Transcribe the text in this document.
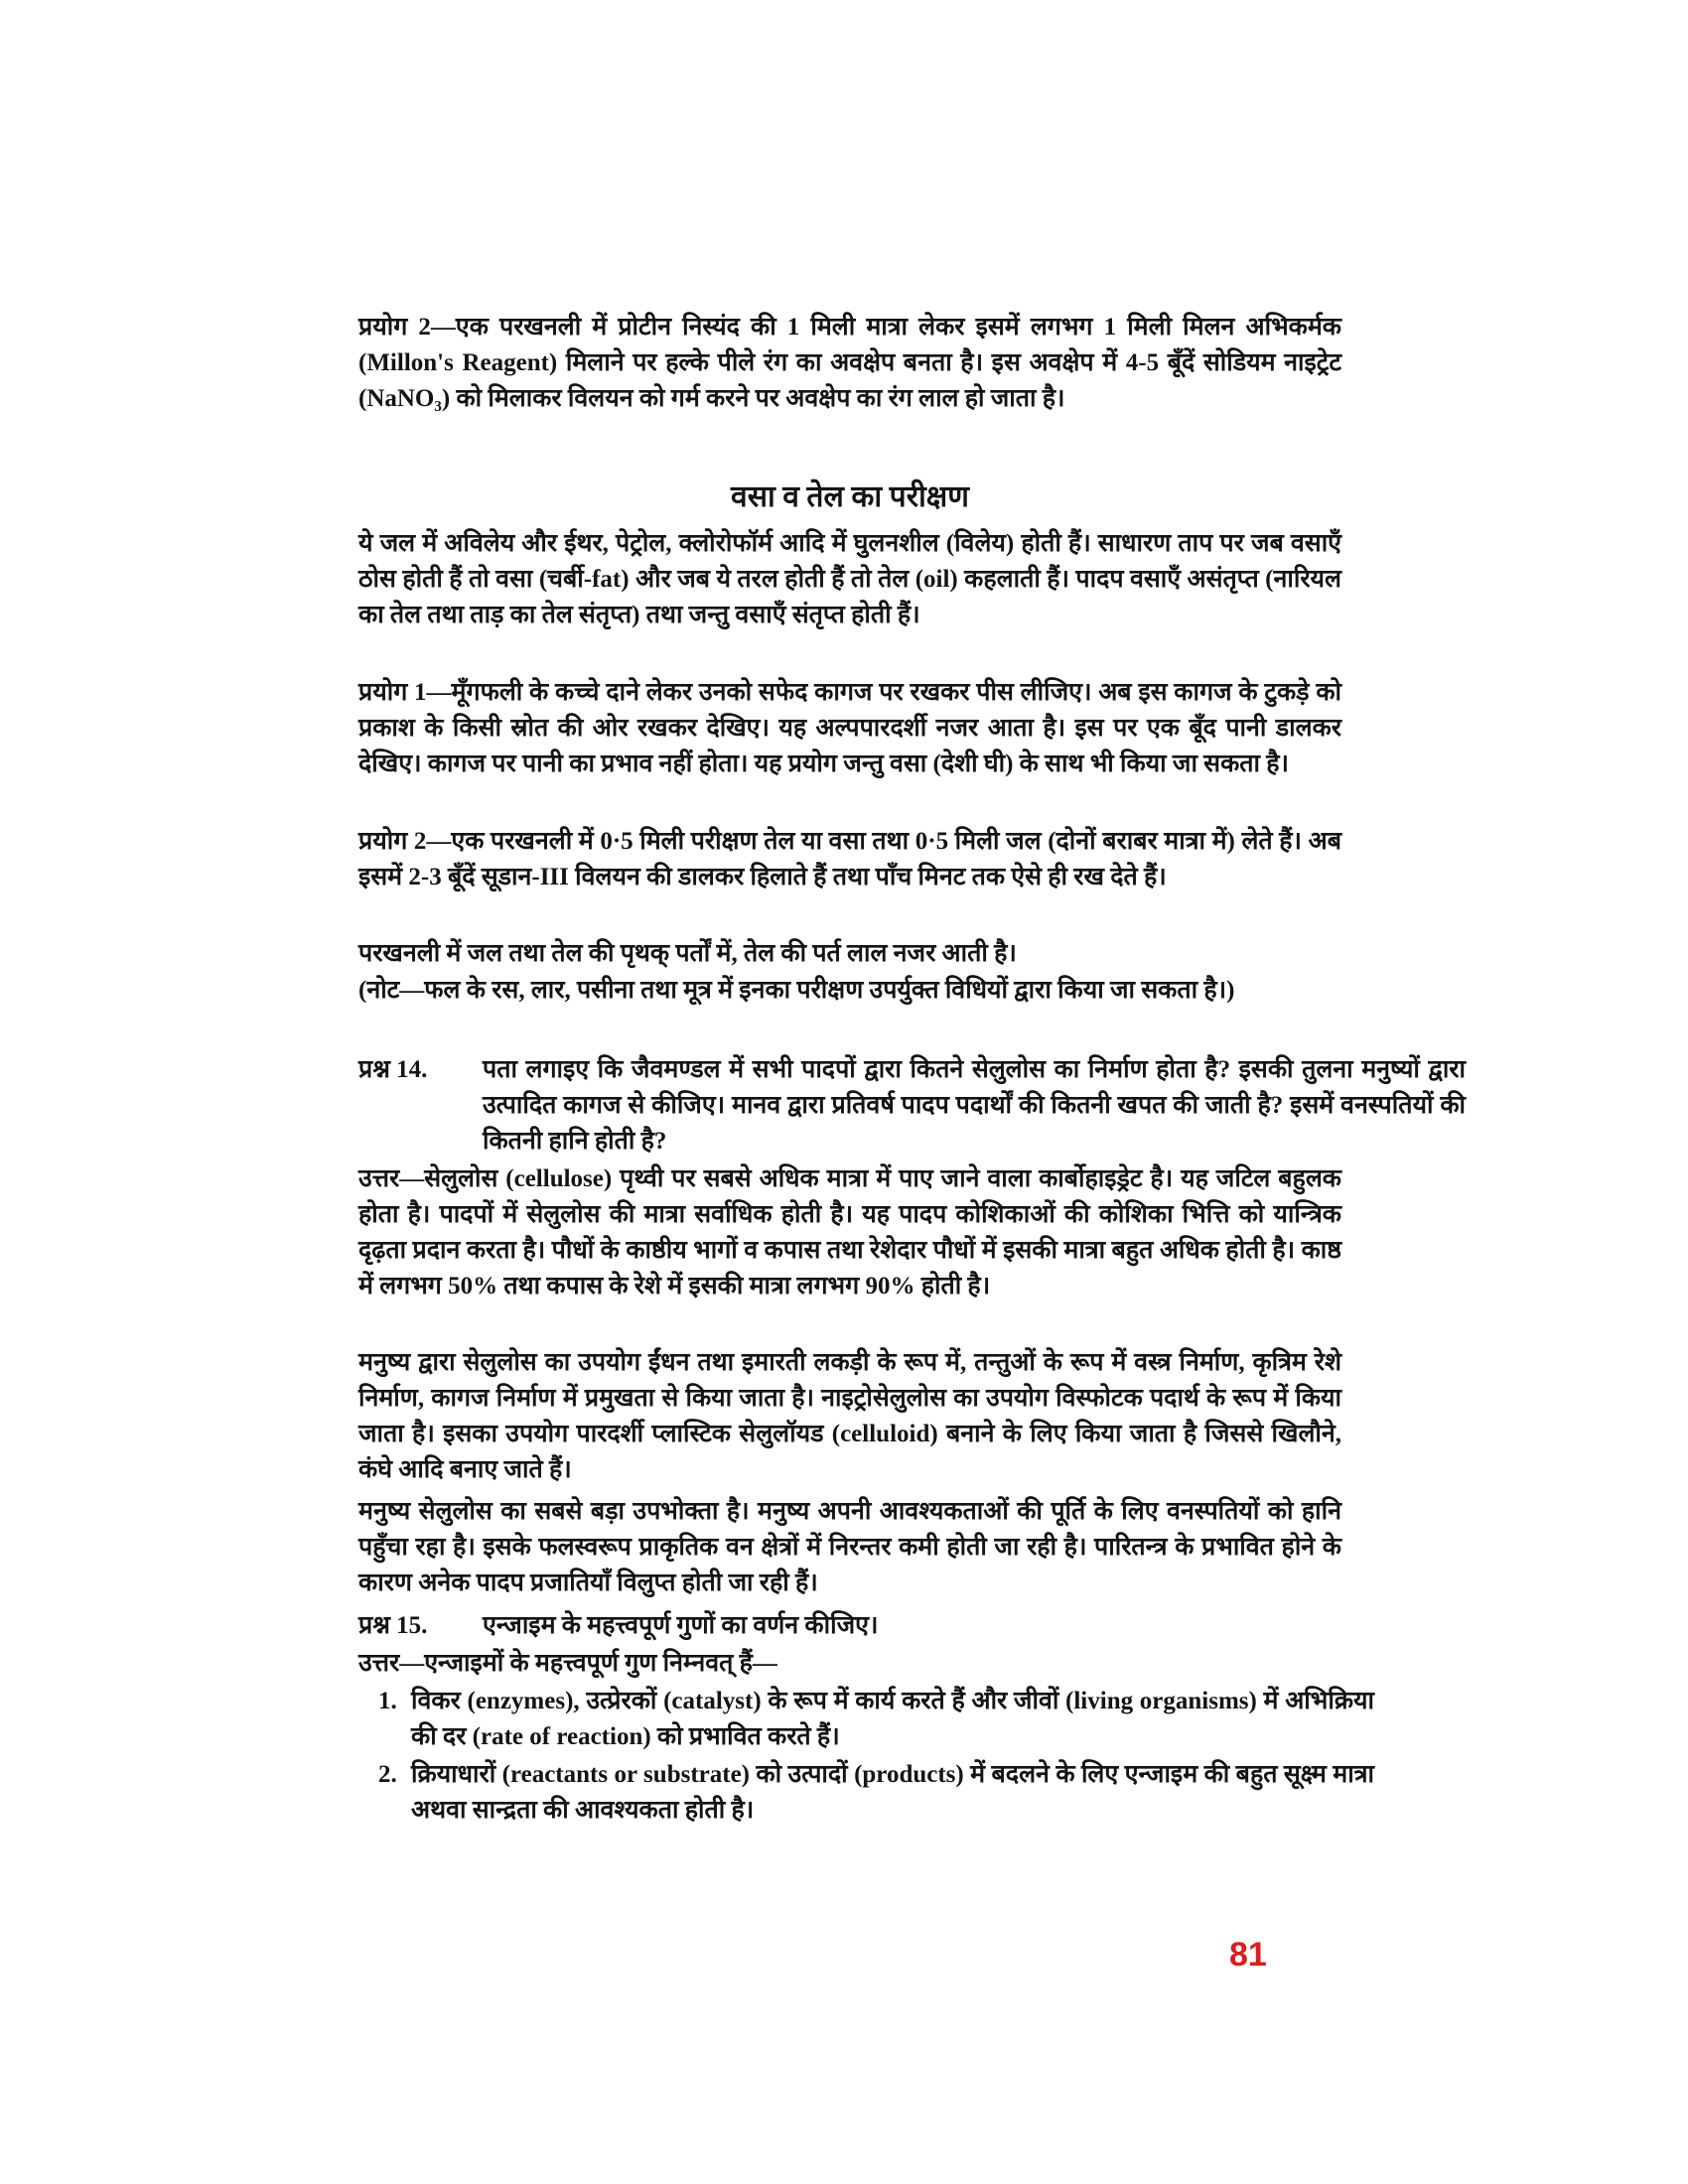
प्रयोग 2—एक परखनली में प्रोटीन निस्यंद की 1 मिली मात्रा लेकर इसमें लगभग 1 मिली मिलन अभिकर्मक (Millon's Reagent) मिलाने पर हल्के पीले रंग का अवक्षेप बनता है। इस अवक्षेप में 4-5 बूँदें सोडियम नाइट्रेट (NaNO₃) को मिलाकर विलयन को गर्म करने पर अवक्षेप का रंग लाल हो जाता है।
वसा व तेल का परीक्षण
ये जल में अविलेय और ईथर, पेट्रोल, क्लोरोफॉर्म आदि में घुलनशील (विलेय) होती हैं। साधारण ताप पर जब वसाएँ ठोस होती हैं तो वसा (चर्बी-fat) और जब ये तरल होती हैं तो तेल (oil) कहलाती हैं। पादप वसाएँ असंतृप्त (नारियल का तेल तथा ताड़ का तेल संतृप्त) तथा जन्तु वसाएँ संतृप्त होती हैं।
प्रयोग 1—मूँगफली के कच्चे दाने लेकर उनको सफेद कागज पर रखकर पीस लीजिए। अब इस कागज के टुकड़े को प्रकाश के किसी स्रोत की ओर रखकर देखिए। यह अल्पपारदर्शी नजर आता है। इस पर एक बूँद पानी डालकर देखिए। कागज पर पानी का प्रभाव नहीं होता। यह प्रयोग जन्तु वसा (देशी घी) के साथ भी किया जा सकता है।
प्रयोग 2—एक परखनली में 0·5 मिली परीक्षण तेल या वसा तथा 0·5 मिली जल (दोनों बराबर मात्रा में) लेते हैं। अब इसमें 2-3 बूँदें सूडान-III विलयन की डालकर हिलाते हैं तथा पाँच मिनट तक ऐसे ही रख देते हैं।
परखनली में जल तथा तेल की पृथक् पर्तों में, तेल की पर्त लाल नजर आती है।
(नोट—फल के रस, लार, पसीना तथा मूत्र में इनका परीक्षण उपर्युक्त विधियों द्वारा किया जा सकता है।)
प्रश्न 14. पता लगाइए कि जैवमण्डल में सभी पादपों द्वारा कितने सेलुलोस का निर्माण होता है? इसकी तुलना मनुष्यों द्वारा उत्पादित कागज से कीजिए। मानव द्वारा प्रतिवर्ष पादप पदार्थों की कितनी खपत की जाती है? इसमें वनस्पतियों की कितनी हानि होती है?
उत्तर—सेलुलोस (cellulose) पृथ्वी पर सबसे अधिक मात्रा में पाए जाने वाला कार्बोहाइड्रेट है। यह जटिल बहुलक होता है। पादपों में सेलुलोस की मात्रा सर्वाधिक होती है। यह पादप कोशिकाओं की कोशिका भित्ति को यान्त्रिक दृढ़ता प्रदान करता है। पौधों के काष्ठीय भागों व कपास तथा रेशेदार पौधों में इसकी मात्रा बहुत अधिक होती है। काष्ठ में लगभग 50% तथा कपास के रेशे में इसकी मात्रा लगभग 90% होती है।
मनुष्य द्वारा सेलुलोस का उपयोग ईंधन तथा इमारती लकड़ी के रूप में, तन्तुओं के रूप में वस्त्र निर्माण, कृत्रिम रेशे निर्माण, कागज निर्माण में प्रमुखता से किया जाता है। नाइट्रोसेलुलोस का उपयोग विस्फोटक पदार्थ के रूप में किया जाता है। इसका उपयोग पारदर्शी प्लास्टिक सेलुलॉयड (celluloid) बनाने के लिए किया जाता है जिससे खिलौने, कंघे आदि बनाए जाते हैं।
मनुष्य सेलुलोस का सबसे बड़ा उपभोक्ता है। मनुष्य अपनी आवश्यकताओं की पूर्ति के लिए वनस्पतियों को हानि पहुँचा रहा है। इसके फलस्वरूप प्राकृतिक वन क्षेत्रों में निरन्तर कमी होती जा रही है। पारितन्त्र के प्रभावित होने के कारण अनेक पादप प्रजातियाँ विलुप्त होती जा रही हैं।
प्रश्न 15. एन्जाइम के महत्त्वपूर्ण गुणों का वर्णन कीजिए।
उत्तर—एन्जाइमों के महत्त्वपूर्ण गुण निम्नवत् हैं—
1. विकर (enzymes), उत्प्रेरकों (catalyst) के रूप में कार्य करते हैं और जीवों (living organisms) में अभिक्रिया की दर (rate of reaction) को प्रभावित करते हैं।
2. क्रियाधारों (reactants or substrate) को उत्पादों (products) में बदलने के लिए एन्जाइम की बहुत सूक्ष्म मात्रा अथवा सान्द्रता की आवश्यकता होती है।
81
